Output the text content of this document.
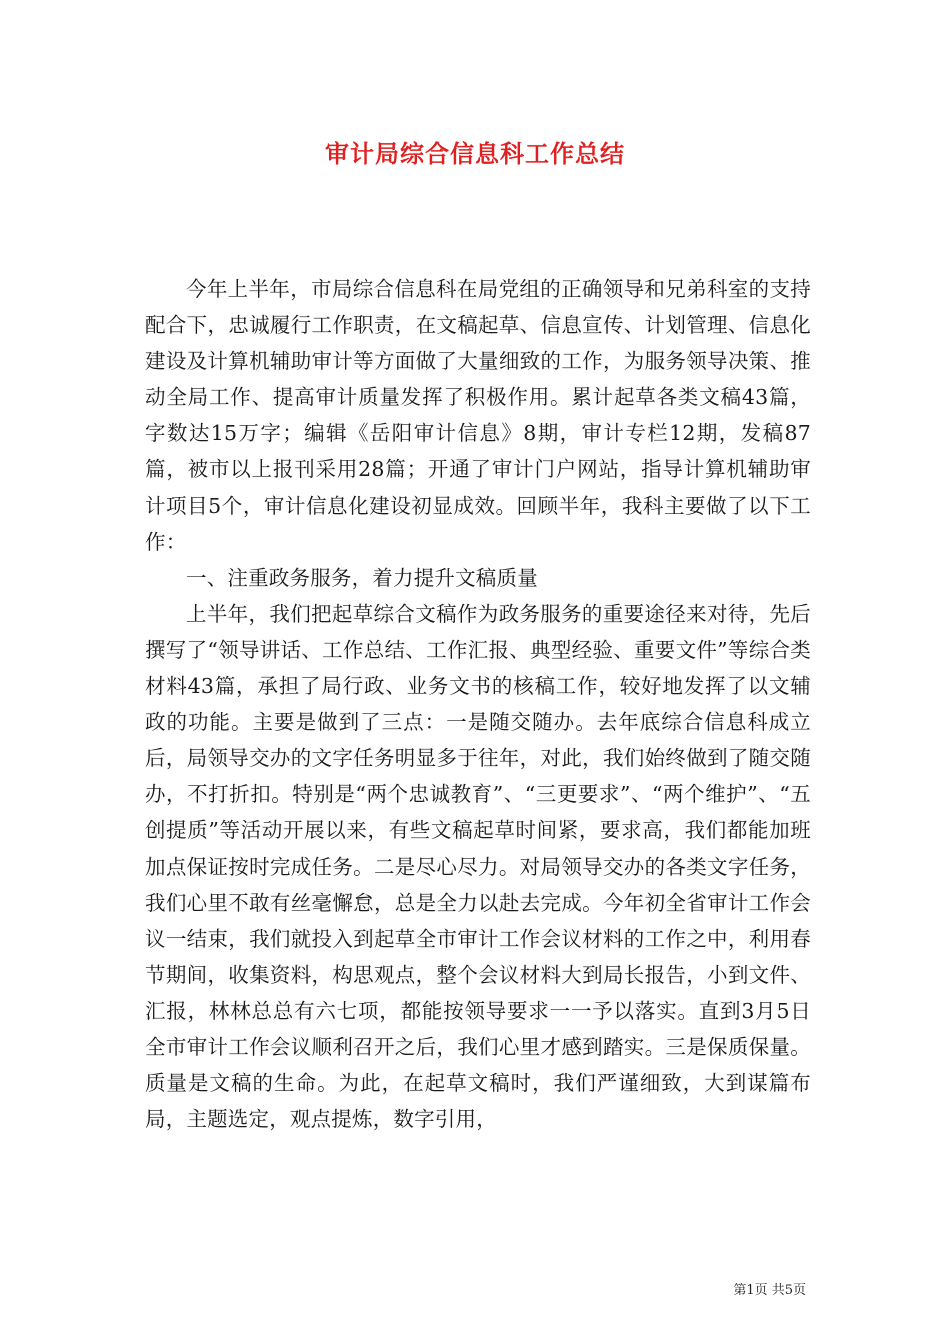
审计局综合信息科工作总结

今年上半年，市局综合信息科在局党组的正确领导和兄弟科室的支持配合下，忠诚履行工作职责，在文稿起草、信息宣传、计划管理、信息化建设及计算机辅助审计等方面做了大量细致的工作，为服务领导决策、推动全局工作、提高审计质量发挥了积极作用。累计起草各类文稿43篇，字数达15万字；编辑《岳阳审计信息》8期，审计专栏12期，发稿87篇，被市以上报刊采用28篇；开通了审计门户网站，指导计算机辅助审计项目5个，审计信息化建设初显成效。回顾半年，我科主要做了以下工作：

一、注重政务服务，着力提升文稿质量

上半年，我们把起草综合文稿作为政务服务的重要途径来对待，先后撰写了“领导讲话、工作总结、工作汇报、典型经验、重要文件”等综合类材料43篇，承担了局行政、业务文书的核稿工作，较好地发挥了以文辅政的功能。主要是做到了三点：一是随交随办。去年底综合信息科成立后，局领导交办的文字任务明显多于往年，对此，我们始终做到了随交随办，不打折扣。特别是“两个忠诚教育”、“三更要求”、“两个维护”、“五创提质”等活动开展以来，有些文稿起草时间紧，要求高，我们都能加班加点保证按时完成任务。二是尽心尽力。对局领导交办的各类文字任务，我们心里不敢有丝毫懈怠，总是全力以赴去完成。今年初全省审计工作会议一结束，我们就投入到起草全市审计工作会议材料的工作之中，利用春节期间，收集资料，构思观点，整个会议材料大到局长报告，小到文件、汇报，林林总总有六七项，都能按领导要求一一予以落实。直到3月5日全市审计工作会议顺利召开之后，我们心里才感到踏实。三是保质保量。质量是文稿的生命。为此，在起草文稿时，我们严谨细致，大到谋篇布局，主题选定，观点提炼，数字引用，

第1页 共5页
